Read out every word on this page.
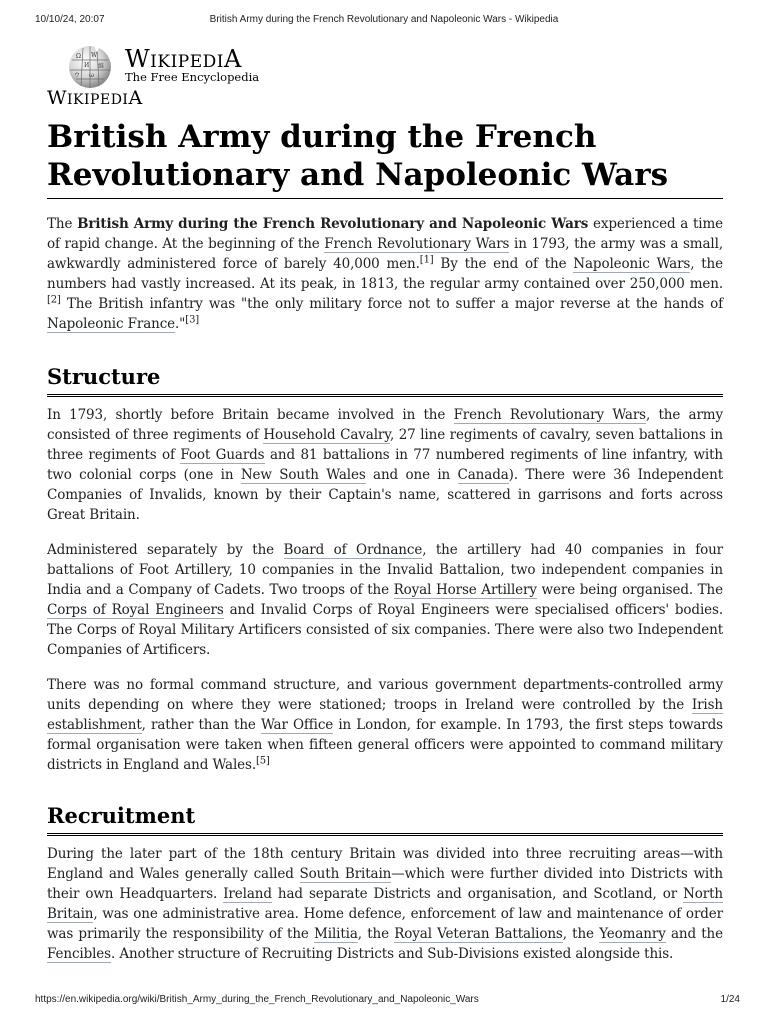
10/10/24, 20:07	British Army during the French Revolutionary and Napoleonic Wars - Wikipedia
Ω W
И 維
ウ ω
WIKIPEDIA
The Free Encyclopedia
WIKIPEDIA
British Army during the French Revolutionary and Napoleonic Wars

The British Army during the French Revolutionary and Napoleonic Wars experienced a time of rapid change. At the beginning of the French Revolutionary Wars in 1793, the army was a small, awkwardly administered force of barely 40,000 men.[1] By the end of the Napoleonic Wars, the numbers had vastly increased. At its peak, in 1813, the regular army contained over 250,000 men.[2] The British infantry was "the only military force not to suffer a major reverse at the hands of Napoleonic France."[3]

Structure

In 1793, shortly before Britain became involved in the French Revolutionary Wars, the army consisted of three regiments of Household Cavalry, 27 line regiments of cavalry, seven battalions in three regiments of Foot Guards and 81 battalions in 77 numbered regiments of line infantry, with two colonial corps (one in New South Wales and one in Canada). There were 36 Independent Companies of Invalids, known by their Captain's name, scattered in garrisons and forts across Great Britain.

Administered separately by the Board of Ordnance, the artillery had 40 companies in four battalions of Foot Artillery, 10 companies in the Invalid Battalion, two independent companies in India and a Company of Cadets. Two troops of the Royal Horse Artillery were being organised. The Corps of Royal Engineers and Invalid Corps of Royal Engineers were specialised officers' bodies. The Corps of Royal Military Artificers consisted of six companies. There were also two Independent Companies of Artificers.

There was no formal command structure, and various government departments-controlled army units depending on where they were stationed; troops in Ireland were controlled by the Irish establishment, rather than the War Office in London, for example. In 1793, the first steps towards formal organisation were taken when fifteen general officers were appointed to command military districts in England and Wales.[5]

Recruitment

During the later part of the 18th century Britain was divided into three recruiting areas—with England and Wales generally called South Britain—which were further divided into Districts with their own Headquarters. Ireland had separate Districts and organisation, and Scotland, or North Britain, was one administrative area. Home defence, enforcement of law and maintenance of order was primarily the responsibility of the Militia, the Royal Veteran Battalions, the Yeomanry and the Fencibles. Another structure of Recruiting Districts and Sub-Divisions existed alongside this.

https://en.wikipedia.org/wiki/British_Army_during_the_French_Revolutionary_and_Napoleonic_Wars	1/24
